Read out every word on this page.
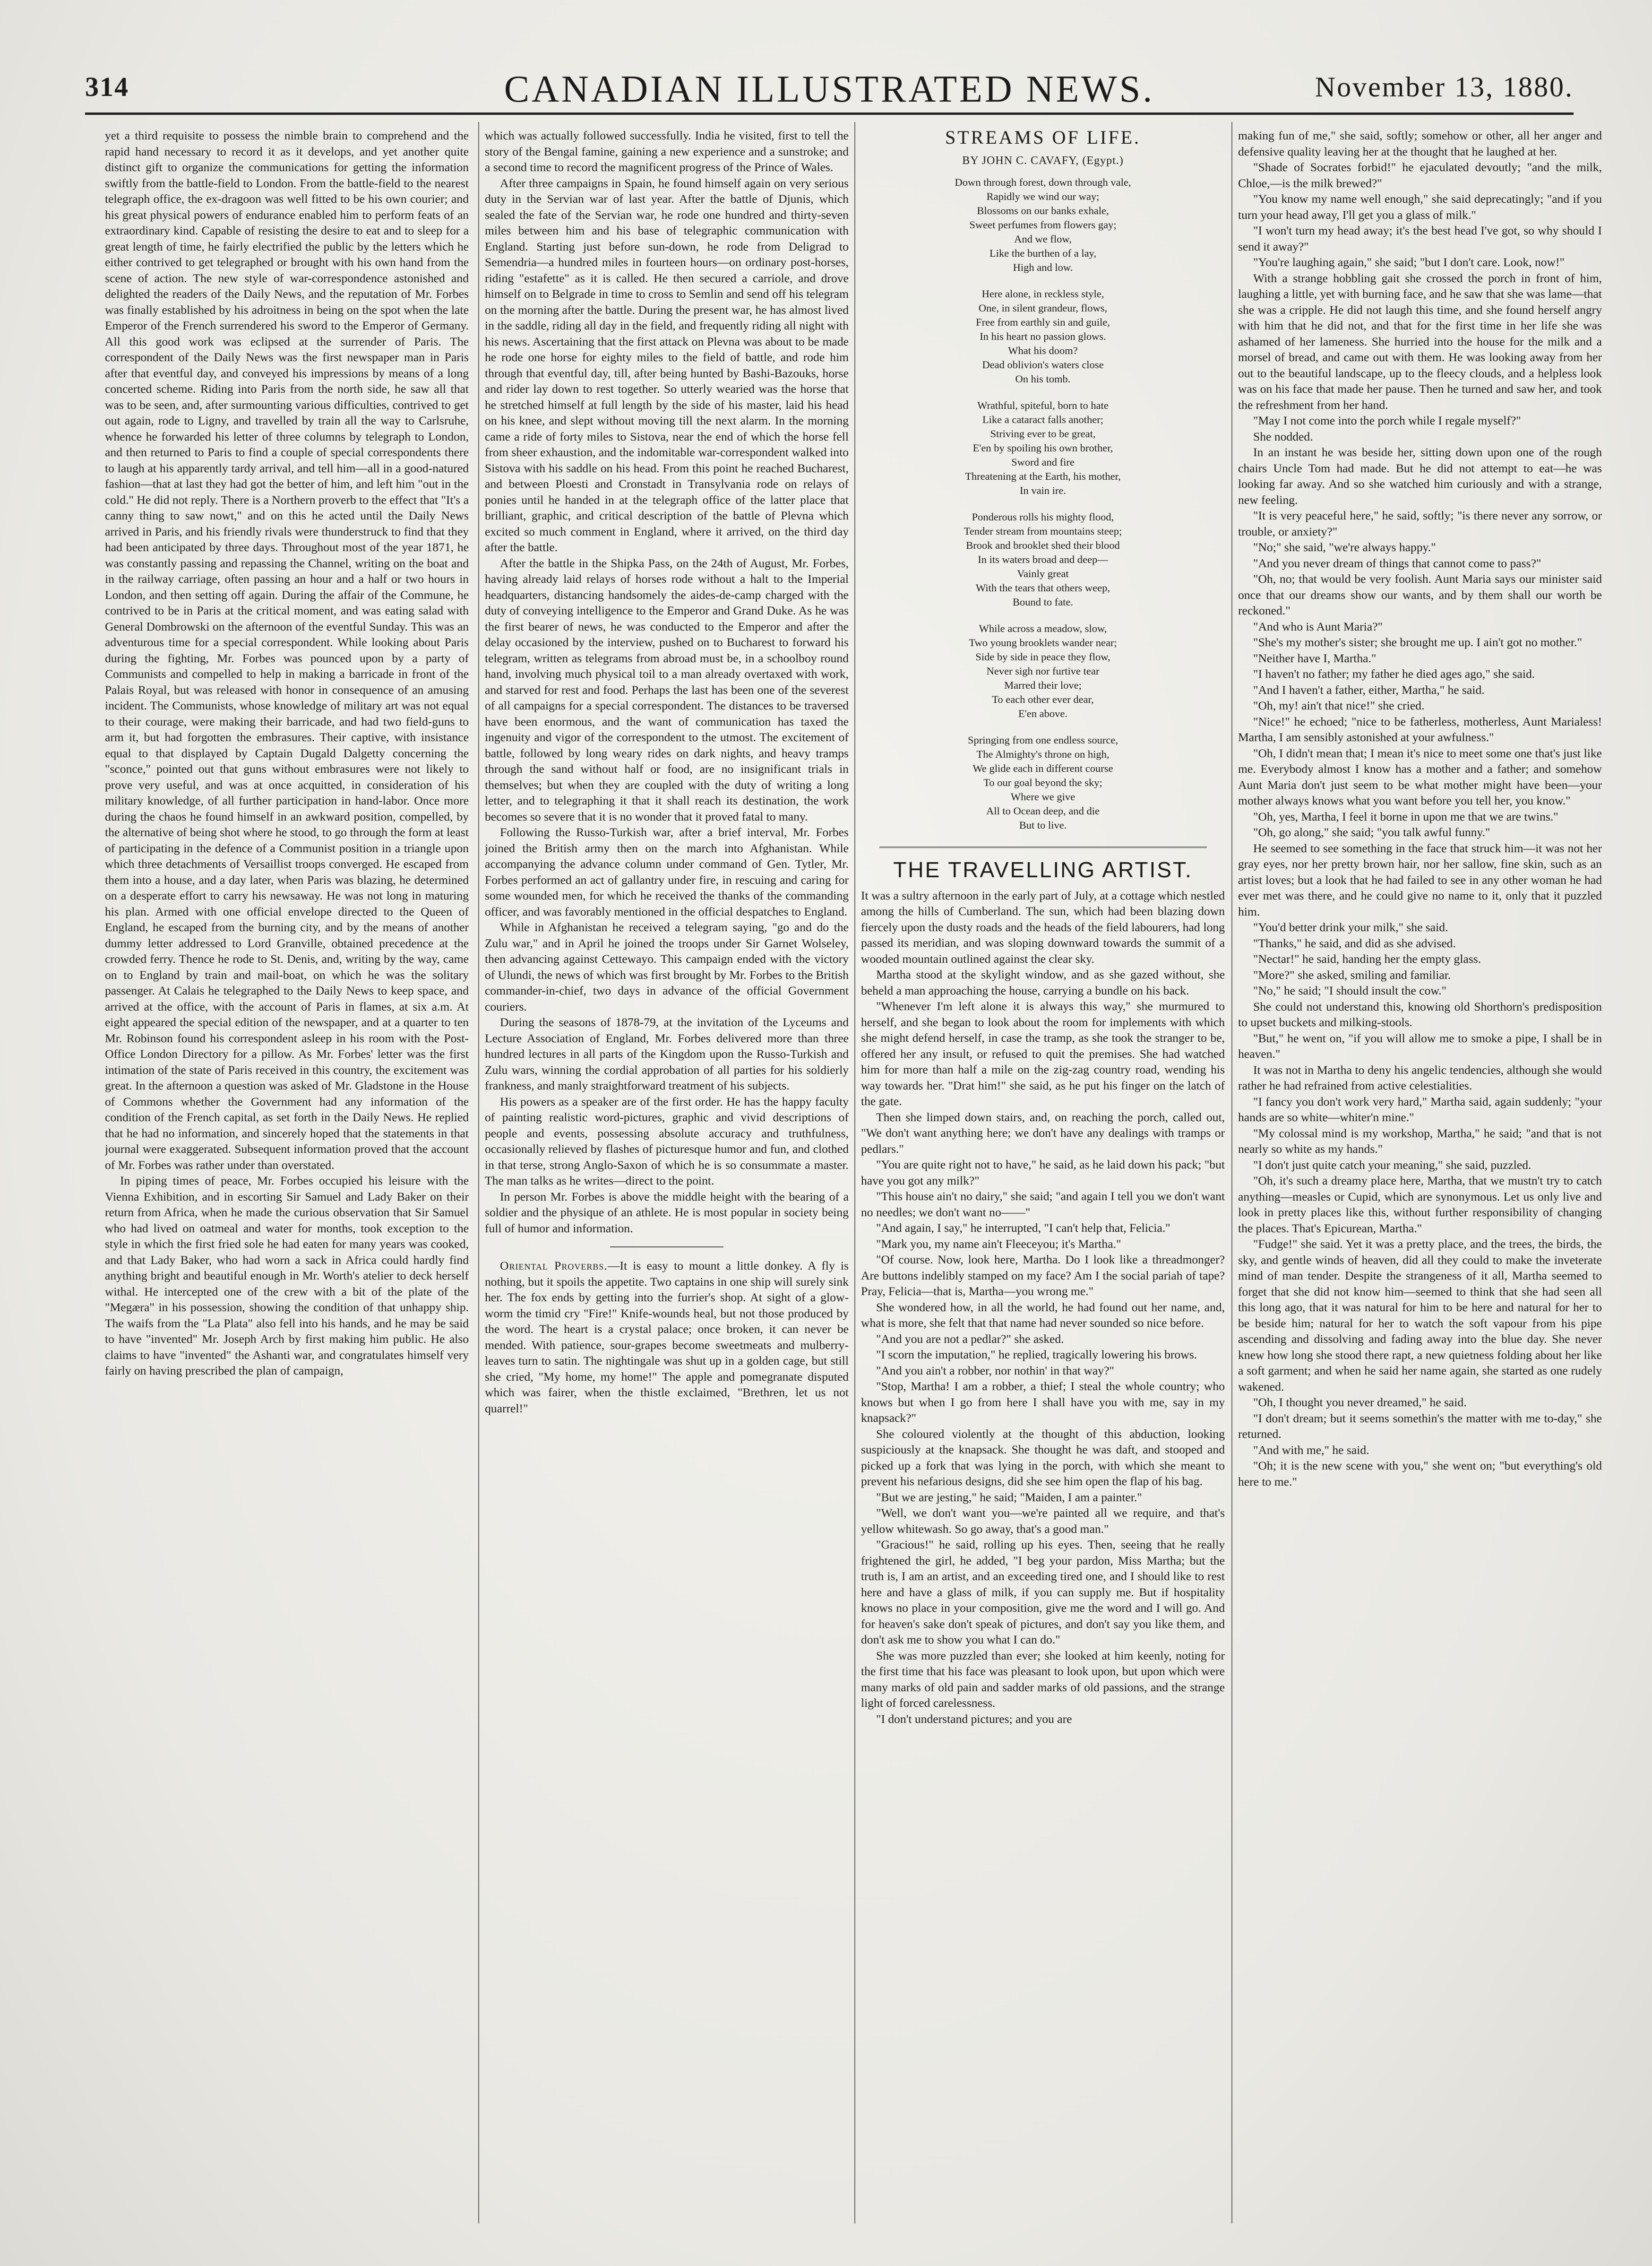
314	CANADIAN ILLUSTRATED NEWS.	November 13, 1880.

yet a third requisite to possess the nimble brain to comprehend and the rapid hand necessary to record it as it develops, and yet another quite distinct gift to organize the communications for getting the information swiftly from the battle-field to London. From the battle-field to the nearest telegraph office, the ex-dragoon was well fitted to be his own courier; and his great physical powers of endurance enabled him to perform feats of an extraordinary kind. Capable of resisting the desire to eat and to sleep for a great length of time, he fairly electrified the public by the letters which he either contrived to get telegraphed or brought with his own hand from the scene of action. The new style of war-correspondence astonished and delighted the readers of the Daily News, and the reputation of Mr. Forbes was finally established by his adroitness in being on the spot when the late Emperor of the French surrendered his sword to the Emperor of Germany. All this good work was eclipsed at the surrender of Paris. The correspondent of the Daily News was the first newspaper man in Paris after that eventful day, and conveyed his impressions by means of a long concerted scheme. Riding into Paris from the north side, he saw all that was to be seen, and, after surmounting various difficulties, contrived to get out again, rode to Ligny, and travelled by train all the way to Carlsruhe, whence he forwarded his letter of three columns by telegraph to London, and then returned to Paris to find a couple of special correspondents there to laugh at his apparently tardy arrival, and tell him—all in a good-natured fashion—that at last they had got the better of him, and left him "out in the cold." He did not reply. There is a Northern proverb to the effect that "It's a canny thing to saw nowt," and on this he acted until the Daily News arrived in Paris, and his friendly rivals were thunderstruck to find that they had been anticipated by three days. Throughout most of the year 1871, he was constantly passing and repassing the Channel, writing on the boat and in the railway carriage, often passing an hour and a half or two hours in London, and then setting off again. During the affair of the Commune, he contrived to be in Paris at the critical moment, and was eating salad with General Dombrowski on the afternoon of the eventful Sunday. This was an adventurous time for a special correspondent. While looking about Paris during the fighting, Mr. Forbes was pounced upon by a party of Communists and compelled to help in making a barricade in front of the Palais Royal, but was released with honor in consequence of an amusing incident. The Communists, whose knowledge of military art was not equal to their courage, were making their barricade, and had two field-guns to arm it, but had forgotten the embrasures. Their captive, with insistance equal to that displayed by Captain Dugald Dalgetty concerning the "sconce," pointed out that guns without embrasures were not likely to prove very useful, and was at once acquitted, in consideration of his military knowledge, of all further participation in hand-labor. Once more during the chaos he found himself in an awkward position, compelled, by the alternative of being shot where he stood, to go through the form at least of participating in the defence of a Communist position in a triangle upon which three detachments of Versaillist troops converged. He escaped from them into a house, and a day later, when Paris was blazing, he determined on a desperate effort to carry his newsaway. He was not long in maturing his plan. Armed with one official envelope directed to the Queen of England, he escaped from the burning city, and by the means of another dummy letter addressed to Lord Granville, obtained precedence at the crowded ferry. Thence he rode to St. Denis, and, writing by the way, came on to England by train and mail-boat, on which he was the solitary passenger. At Calais he telegraphed to the Daily News to keep space, and arrived at the office, with the account of Paris in flames, at six a.m. At eight appeared the special edition of the newspaper, and at a quarter to ten Mr. Robinson found his correspondent asleep in his room with the Post-Office London Directory for a pillow. As Mr. Forbes' letter was the first intimation of the state of Paris received in this country, the excitement was great. In the afternoon a question was asked of Mr. Gladstone in the House of Commons whether the Government had any information of the condition of the French capital, as set forth in the Daily News. He replied that he had no information, and sincerely hoped that the statements in that journal were exaggerated. Subsequent information proved that the account of Mr. Forbes was rather under than overstated.

In piping times of peace, Mr. Forbes occupied his leisure with the Vienna Exhibition, and in escorting Sir Samuel and Lady Baker on their return from Africa, when he made the curious observation that Sir Samuel who had lived on oatmeal and water for months, took exception to the style in which the first fried sole he had eaten for many years was cooked, and that Lady Baker, who had worn a sack in Africa could hardly find anything bright and beautiful enough in Mr. Worth's atelier to deck herself withal. He intercepted one of the crew with a bit of the plate of the "Megæra" in his possession, showing the condition of that unhappy ship. The waifs from the "La Plata" also fell into his hands, and he may be said to have "invented" Mr. Joseph Arch by first making him public. He also claims to have "invented" the Ashanti war, and congratulates himself very fairly on having prescribed the plan of campaign,

which was actually followed successfully. India he visited, first to tell the story of the Bengal famine, gaining a new experience and a sunstroke; and a second time to record the magnificent progress of the Prince of Wales.

After three campaigns in Spain, he found himself again on very serious duty in the Servian war of last year. After the battle of Djunis, which sealed the fate of the Servian war, he rode one hundred and thirty-seven miles between him and his base of telegraphic communication with England. Starting just before sun-down, he rode from Deligrad to Semendria—a hundred miles in fourteen hours—on ordinary post-horses, riding "estafette" as it is called. He then secured a carriole, and drove himself on to Belgrade in time to cross to Semlin and send off his telegram on the morning after the battle. During the present war, he has almost lived in the saddle, riding all day in the field, and frequently riding all night with his news. Ascertaining that the first attack on Plevna was about to be made he rode one horse for eighty miles to the field of battle, and rode him through that eventful day, till, after being hunted by Bashi-Bazouks, horse and rider lay down to rest together. So utterly wearied was the horse that he stretched himself at full length by the side of his master, laid his head on his knee, and slept without moving till the next alarm. In the morning came a ride of forty miles to Sistova, near the end of which the horse fell from sheer exhaustion, and the indomitable war-correspondent walked into Sistova with his saddle on his head. From this point he reached Bucharest, and between Ploesti and Cronstadt in Transylvania rode on relays of ponies until he handed in at the telegraph office of the latter place that brilliant, graphic, and critical description of the battle of Plevna which excited so much comment in England, where it arrived, on the third day after the battle.

After the battle in the Shipka Pass, on the 24th of August, Mr. Forbes, having already laid relays of horses rode without a halt to the Imperial headquarters, distancing handsomely the aides-de-camp charged with the duty of conveying intelligence to the Emperor and Grand Duke. As he was the first bearer of news, he was conducted to the Emperor and after the delay occasioned by the interview, pushed on to Bucharest to forward his telegram, written as telegrams from abroad must be, in a schoolboy round hand, involving much physical toil to a man already overtaxed with work, and starved for rest and food. Perhaps the last has been one of the severest of all campaigns for a special correspondent. The distances to be traversed have been enormous, and the want of communication has taxed the ingenuity and vigor of the correspondent to the utmost. The excitement of battle, followed by long weary rides on dark nights, and heavy tramps through the sand without half or food, are no insignificant trials in themselves; but when they are coupled with the duty of writing a long letter, and to telegraphing it that it shall reach its destination, the work becomes so severe that it is no wonder that it proved fatal to many.

Following the Russo-Turkish war, after a brief interval, Mr. Forbes joined the British army then on the march into Afghanistan. While accompanying the advance column under command of Gen. Tytler, Mr. Forbes performed an act of gallantry under fire, in rescuing and caring for some wounded men, for which he received the thanks of the commanding officer, and was favorably mentioned in the official despatches to England.

While in Afghanistan he received a telegram saying, "go and do the Zulu war," and in April he joined the troops under Sir Garnet Wolseley, then advancing against Cettewayo. This campaign ended with the victory of Ulundi, the news of which was first brought by Mr. Forbes to the British commander-in-chief, two days in advance of the official Government couriers.

During the seasons of 1878-79, at the invitation of the Lyceums and Lecture Association of England, Mr. Forbes delivered more than three hundred lectures in all parts of the Kingdom upon the Russo-Turkish and Zulu wars, winning the cordial approbation of all parties for his soldierly frankness, and manly straightforward treatment of his subjects.

His powers as a speaker are of the first order. He has the happy faculty of painting realistic word-pictures, graphic and vivid descriptions of people and events, possessing absolute accuracy and truthfulness, occasionally relieved by flashes of picturesque humor and fun, and clothed in that terse, strong Anglo-Saxon of which he is so consummate a master. The man talks as he writes—direct to the point.

In person Mr. Forbes is above the middle height with the bearing of a soldier and the physique of an athlete. He is most popular in society being full of humor and information.

Oriental Proverbs.—It is easy to mount a little donkey. A fly is nothing, but it spoils the appetite. Two captains in one ship will surely sink her. The fox ends by getting into the furrier's shop. At sight of a glow-worm the timid cry "Fire!" Knife-wounds heal, but not those produced by the word. The heart is a crystal palace; once broken, it can never be mended. With patience, sour-grapes become sweetmeats and mulberry-leaves turn to satin. The nightingale was shut up in a golden cage, but still she cried, "My home, my home!" The apple and pomegranate disputed which was fairer, when the thistle exclaimed, "Brethren, let us not quarrel!"

STREAMS OF LIFE.
BY JOHN C. CAVAFY, (Egypt.)
Down through forest, down through vale,
Rapidly we wind our way;
Blossoms on our banks exhale,
Sweet perfumes from flowers gay;
And we flow,
Like the burthen of a lay,
High and low.
Here alone, in reckless style,
One, in silent grandeur, flows,
Free from earthly sin and guile,
In his heart no passion glows.
What his doom?
Dead oblivion's waters close
On his tomb.
Wrathful, spiteful, born to hate
Like a cataract falls another;
Striving ever to be great,
E'en by spoiling his own brother,
Sword and fire
Threatening at the Earth, his mother,
In vain ire.
Ponderous rolls his mighty flood,
Tender stream from mountains steep;
Brook and brooklet shed their blood
In its waters broad and deep—
Vainly great
With the tears that others weep,
Bound to fate.
While across a meadow, slow,
Two young brooklets wander near;
Side by side in peace they flow,
Never sigh nor furtive tear
Marred their love;
To each other ever dear,
E'en above.
Springing from one endless source,
The Almighty's throne on high,
We glide each in different course
To our goal beyond the sky;
Where we give
All to Ocean deep, and die
But to live.
THE TRAVELLING ARTIST.

It was a sultry afternoon in the early part of July, at a cottage which nestled among the hills of Cumberland. The sun, which had been blazing down fiercely upon the dusty roads and the heads of the field labourers, had long passed its meridian, and was sloping downward towards the summit of a wooded mountain outlined against the clear sky.

Martha stood at the skylight window, and as she gazed without, she beheld a man approaching the house, carrying a bundle on his back.

"Whenever I'm left alone it is always this way," she murmured to herself, and she began to look about the room for implements with which she might defend herself, in case the tramp, as she took the stranger to be, offered her any insult, or refused to quit the premises. She had watched him for more than half a mile on the zig-zag country road, wending his way towards her. "Drat him!" she said, as he put his finger on the latch of the gate.

Then she limped down stairs, and, on reaching the porch, called out, "We don't want anything here; we don't have any dealings with tramps or pedlars."

"You are quite right not to have," he said, as he laid down his pack; "but have you got any milk?"

"This house ain't no dairy," she said; "and again I tell you we don't want no needles; we don't want no——"

"And again, I say," he interrupted, "I can't help that, Felicia."

"Mark you, my name ain't Fleeceyou; it's Martha."

"Of course. Now, look here, Martha. Do I look like a threadmonger? Are buttons indelibly stamped on my face? Am I the social pariah of tape? Pray, Felicia—that is, Martha—you wrong me."

She wondered how, in all the world, he had found out her name, and, what is more, she felt that that name had never sounded so nice before.

"And you are not a pedlar?" she asked.

"I scorn the imputation," he replied, tragically lowering his brows.

"And you ain't a robber, nor nothin' in that way?"

"Stop, Martha! I am a robber, a thief; I steal the whole country; who knows but when I go from here I shall have you with me, say in my knapsack?"

She coloured violently at the thought of this abduction, looking suspiciously at the knapsack. She thought he was daft, and stooped and picked up a fork that was lying in the porch, with which she meant to prevent his nefarious designs, did she see him open the flap of his bag.

"But we are jesting," he said; "Maiden, I am a painter."

"Well, we don't want you—we're painted all we require, and that's yellow whitewash. So go away, that's a good man."

"Gracious!" he said, rolling up his eyes. Then, seeing that he really frightened the girl, he added, "I beg your pardon, Miss Martha; but the truth is, I am an artist, and an exceeding tired one, and I should like to rest here and have a glass of milk, if you can supply me. But if hospitality knows no place in your composition, give me the word and I will go. And for heaven's sake don't speak of pictures, and don't say you like them, and don't ask me to show you what I can do."

She was more puzzled than ever; she looked at him keenly, noting for the first time that his face was pleasant to look upon, but upon which were many marks of old pain and sadder marks of old passions, and the strange light of forced carelessness.

"I don't understand pictures; and you are

making fun of me," she said, softly; somehow or other, all her anger and defensive quality leaving her at the thought that he laughed at her.

"Shade of Socrates forbid!" he ejaculated devoutly; "and the milk, Chloe,—is the milk brewed?"

"You know my name well enough," she said deprecatingly; "and if you turn your head away, I'll get you a glass of milk."

"I won't turn my head away; it's the best head I've got, so why should I send it away?"

"You're laughing again," she said; "but I don't care. Look, now!"

With a strange hobbling gait she crossed the porch in front of him, laughing a little, yet with burning face, and he saw that she was lame—that she was a cripple. He did not laugh this time, and she found herself angry with him that he did not, and that for the first time in her life she was ashamed of her lameness. She hurried into the house for the milk and a morsel of bread, and came out with them. He was looking away from her out to the beautiful landscape, up to the fleecy clouds, and a helpless look was on his face that made her pause. Then he turned and saw her, and took the refreshment from her hand.

"May I not come into the porch while I regale myself?"

She nodded.

In an instant he was beside her, sitting down upon one of the rough chairs Uncle Tom had made. But he did not attempt to eat—he was looking far away. And so she watched him curiously and with a strange, new feeling.

"It is very peaceful here," he said, softly; "is there never any sorrow, or trouble, or anxiety?"

"No;" she said, "we're always happy."

"And you never dream of things that cannot come to pass?"

"Oh, no; that would be very foolish. Aunt Maria says our minister said once that our dreams show our wants, and by them shall our worth be reckoned."

"And who is Aunt Maria?"

"She's my mother's sister; she brought me up. I ain't got no mother."

"Neither have I, Martha."

"I haven't no father; my father he died ages ago," she said.

"And I haven't a father, either, Martha," he said.

"Oh, my! ain't that nice!" she cried.

"Nice!" he echoed; "nice to be fatherless, motherless, Aunt Marialess! Martha, I am sensibly astonished at your awfulness."

"Oh, I didn't mean that; I mean it's nice to meet some one that's just like me. Everybody almost I know has a mother and a father; and somehow Aunt Maria don't just seem to be what mother might have been—your mother always knows what you want before you tell her, you know."

"Oh, yes, Martha, I feel it borne in upon me that we are twins."

"Oh, go along," she said; "you talk awful funny."

He seemed to see something in the face that struck him—it was not her gray eyes, nor her pretty brown hair, nor her sallow, fine skin, such as an artist loves; but a look that he had failed to see in any other woman he had ever met was there, and he could give no name to it, only that it puzzled him.

"You'd better drink your milk," she said.

"Thanks," he said, and did as she advised.

"Nectar!" he said, handing her the empty glass.

"More?" she asked, smiling and familiar.

"No," he said; "I should insult the cow."

She could not understand this, knowing old Shorthorn's predisposition to upset buckets and milking-stools.

"But," he went on, "if you will allow me to smoke a pipe, I shall be in heaven."

It was not in Martha to deny his angelic tendencies, although she would rather he had refrained from active celestialities.

"I fancy you don't work very hard," Martha said, again suddenly; "your hands are so white—whiter'n mine."

"My colossal mind is my workshop, Martha," he said; "and that is not nearly so white as my hands."

"I don't just quite catch your meaning," she said, puzzled.

"Oh, it's such a dreamy place here, Martha, that we mustn't try to catch anything—measles or Cupid, which are synonymous. Let us only live and look in pretty places like this, without further responsibility of changing the places. That's Epicurean, Martha."

"Fudge!" she said. Yet it was a pretty place, and the trees, the birds, the sky, and gentle winds of heaven, did all they could to make the inveterate mind of man tender. Despite the strangeness of it all, Martha seemed to forget that she did not know him—seemed to think that she had seen all this long ago, that it was natural for him to be here and natural for her to be beside him; natural for her to watch the soft vapour from his pipe ascending and dissolving and fading away into the blue day. She never knew how long she stood there rapt, a new quietness folding about her like a soft garment; and when he said her name again, she started as one rudely wakened.

"Oh, I thought you never dreamed," he said.

"I don't dream; but it seems somethin's the matter with me to-day," she returned.

"And with me," he said.

"Oh; it is the new scene with you," she went on; "but everything's old here to me."
